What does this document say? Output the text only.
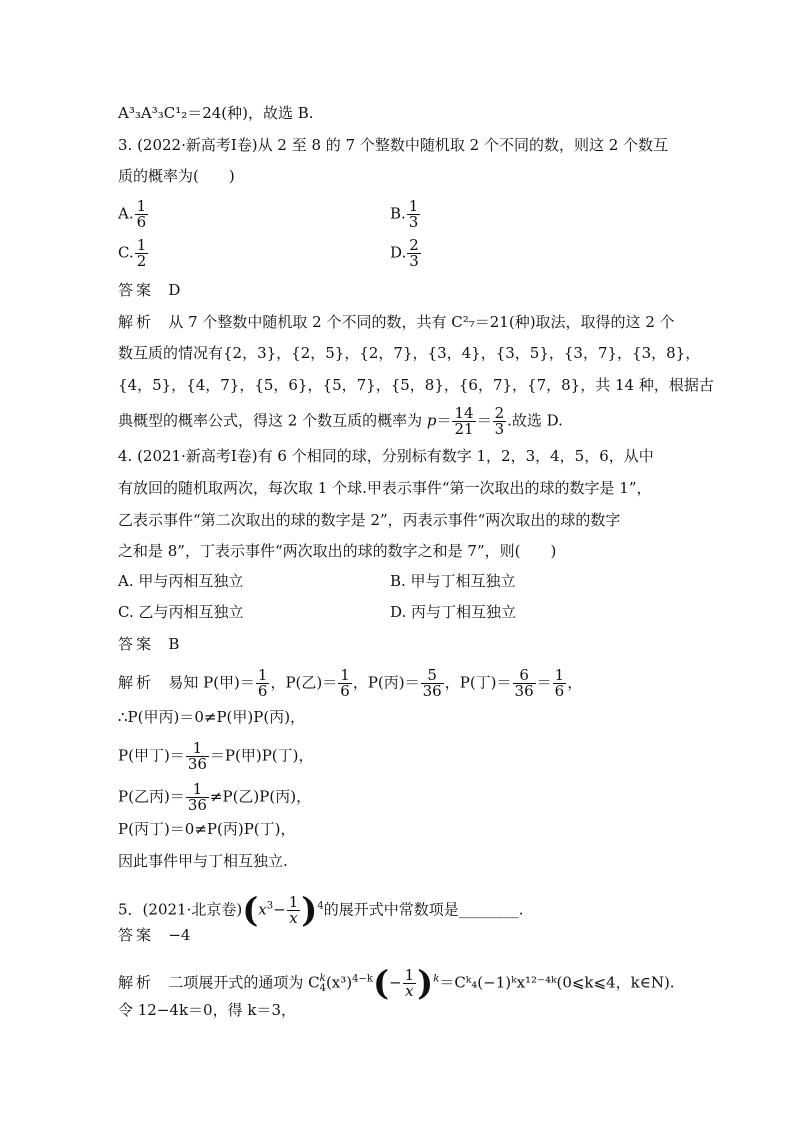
A³₃A³₃C¹₂＝24(种)，故选 B.
3. (2022·新高考Ⅰ卷)从 2 至 8 的 7 个整数中随机取 2 个不同的数，则这 2 个数互
质的概率为(　　)
A. $\frac{1}{6}$	B. $\frac{1}{3}$
C. $\frac{1}{2}$	D. $\frac{2}{3}$
答案 D
解析 从 7 个整数中随机取 2 个不同的数，共有 C²₇＝21(种)取法，取得的这 2 个
数互质的情况有{2，3}，{2，5}，{2，7}，{3，4}，{3，5}，{3，7}，{3，8}，
{4，5}，{4，7}，{5，6}，{5，7}，{5，8}，{6，7}，{7，8}，共 14 种，根据古
典概型的概率公式，得这 2 个数互质的概率为 $p= \frac{14}{21} = \frac{2}{3}$ .故选 D.
4. (2021·新高考Ⅰ卷)有 6 个相同的球，分别标有数字 1，2，3，4，5，6，从中
有放回的随机取两次，每次取 1 个球.甲表示事件“第一次取出的球的数字是 1”，
乙表示事件“第二次取出的球的数字是 2”，丙表示事件“两次取出的球的数字
之和是 8”，丁表示事件“两次取出的球的数字之和是 7”，则(　　)
A. 甲与丙相互独立	B. 甲与丁相互独立
C. 乙与丙相互独立	D. 丙与丁相互独立
答案 B
解析 易知 P(甲)＝ $\frac{1}{6}$ ，P(乙)＝ $\frac{1}{6}$ ，P(丙)＝ $\frac{5}{36}$ ，P(丁)＝ $\frac{6}{36} = \frac{1}{6}$ ，
∴P(甲丙)＝0≠P(甲)P(丙)，
P(甲丁)＝ $\frac{1}{36} =P$(甲)P(丁)，
P(乙丙)＝ $\frac{1}{36} \ne P$(乙)P(丙)，
P(丙丁)＝0≠P(丙)P(丁)，
因此事件甲与丁相互独立.
5．(2021·北京卷)$(x^3- \frac{1}{x} )^4$的展开式中常数项是________.
答案 −4
解析 二项展开式的通项为 C k
4 $(x^3)^{4-k}(- \frac{1}{x}$ )$^k=Cᵏ_4(-1)ᵏx^{12-4}ᵏ(0⩽k⩽4$，k∈N).
令 12−4k＝0，得 k＝3，
